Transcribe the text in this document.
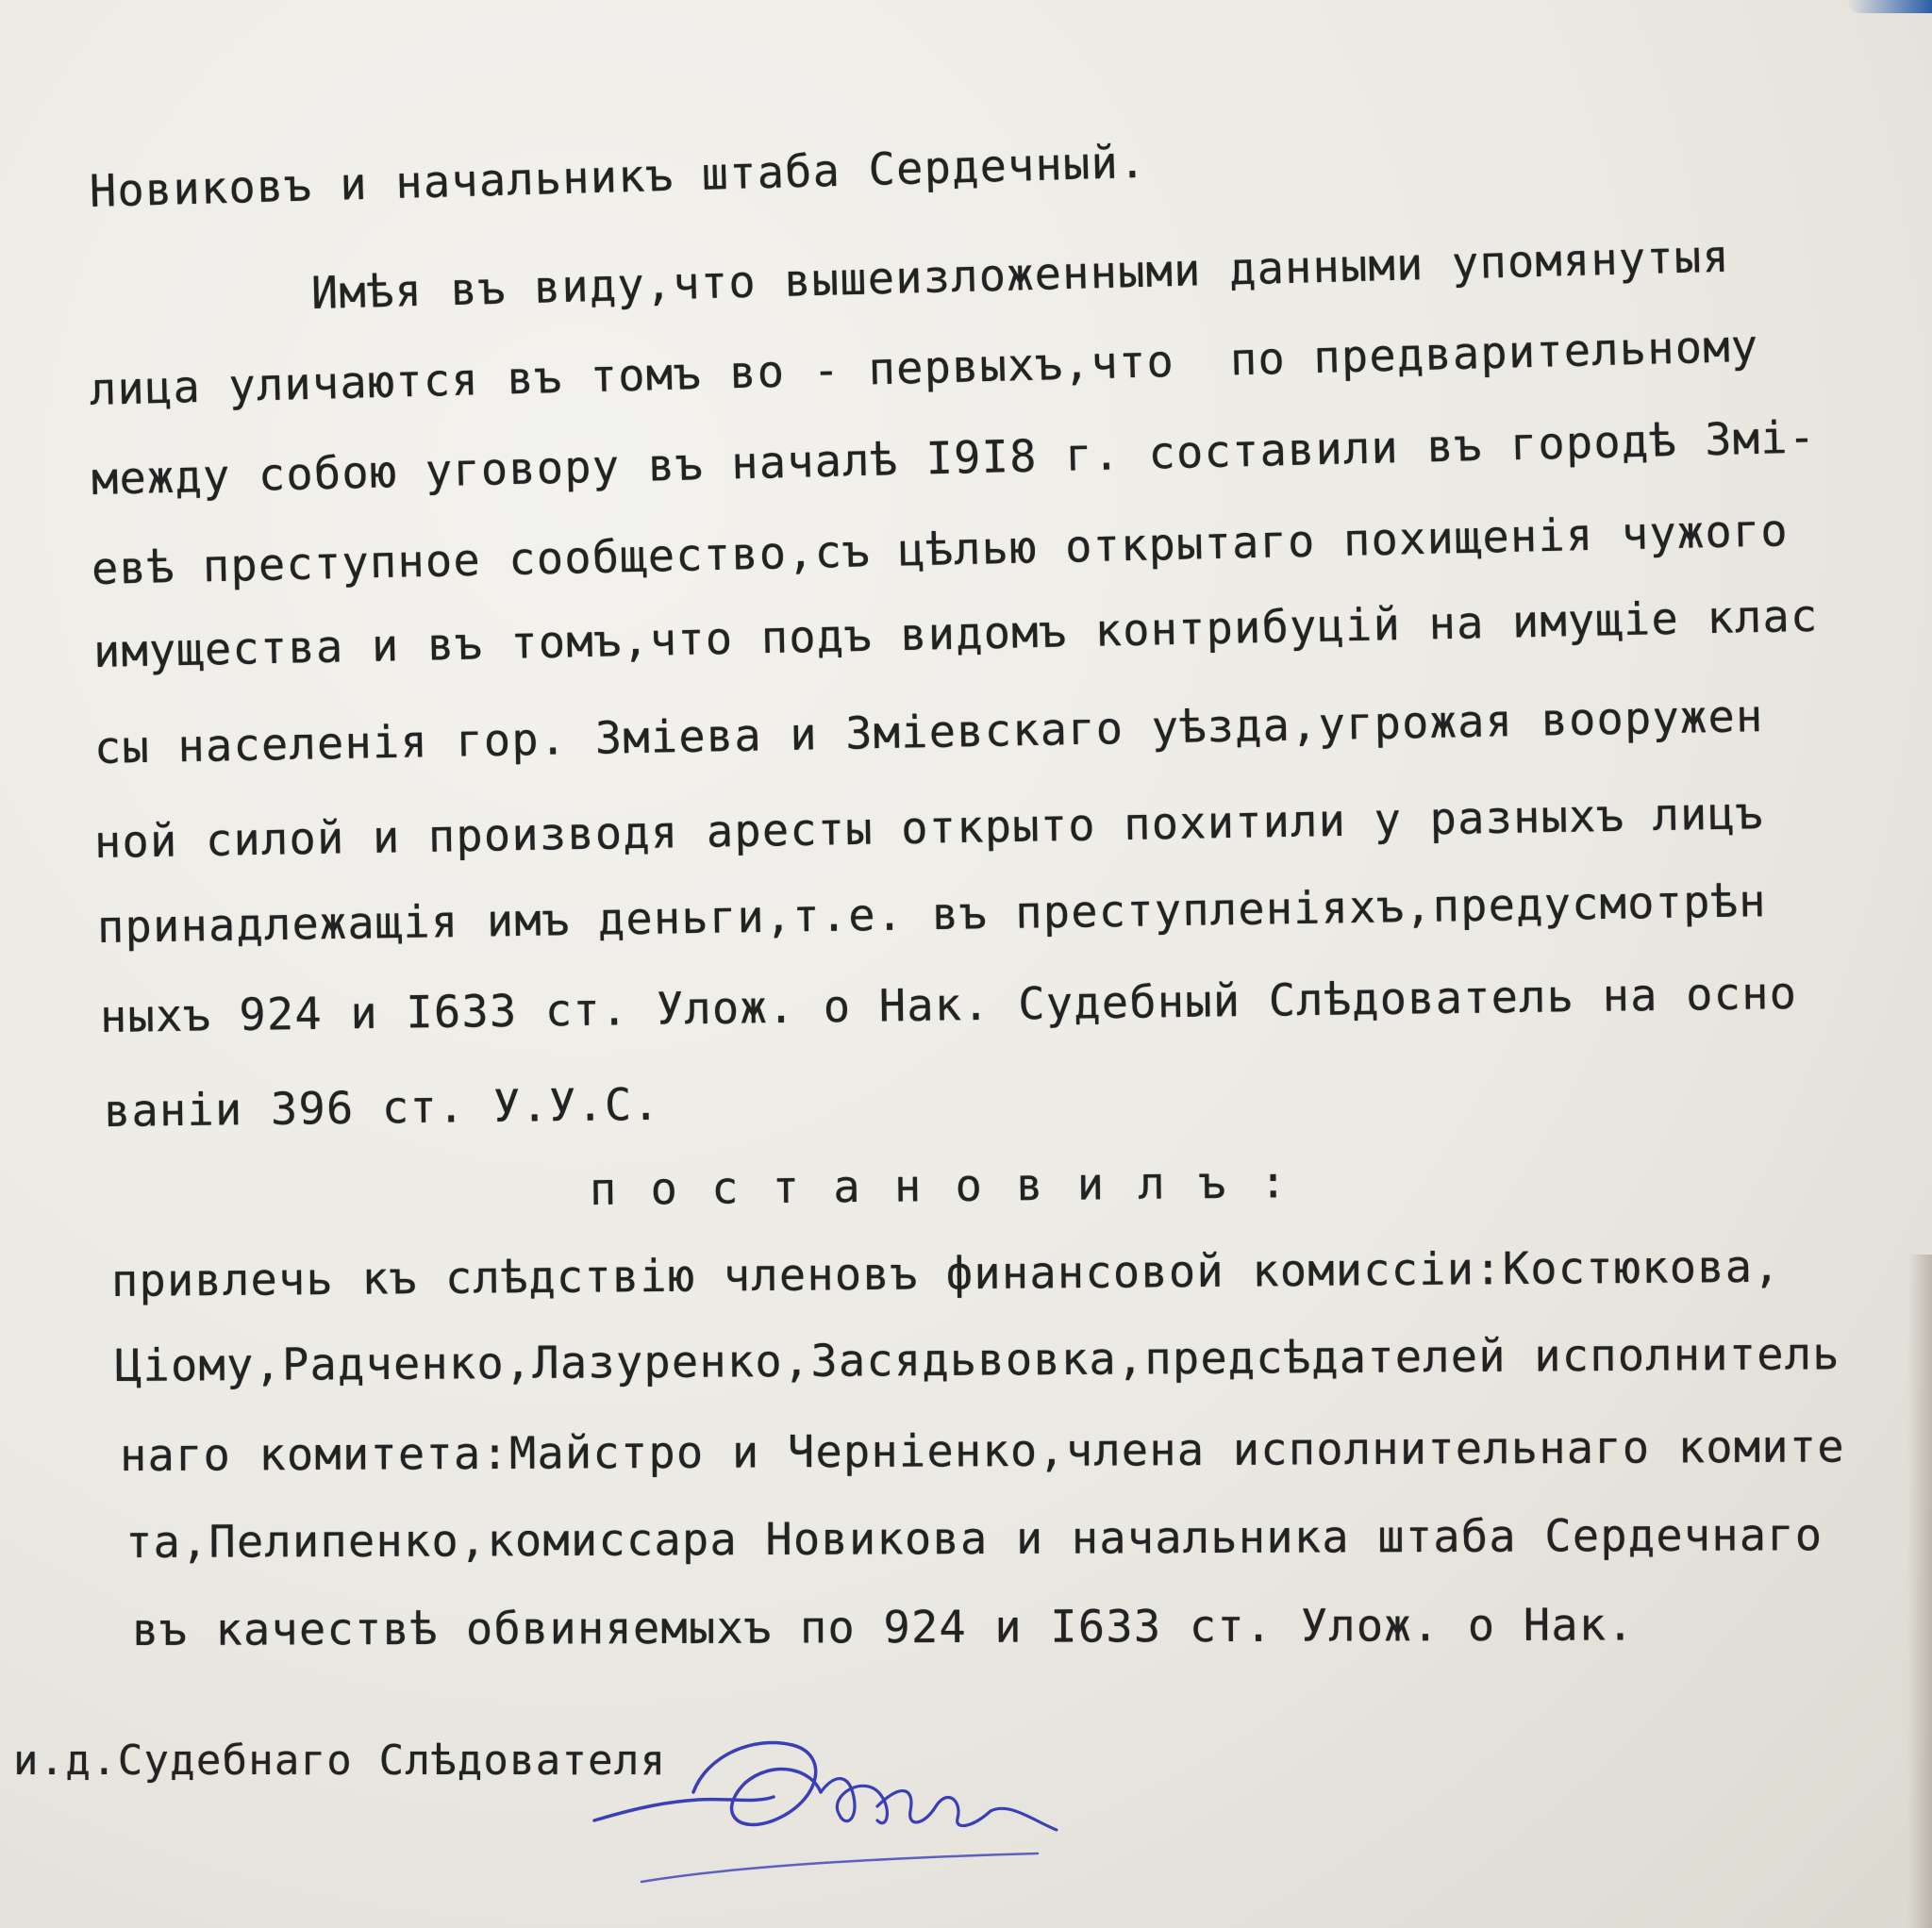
Новиковъ и начальникъ штаба Сердечный.
Имѣя въ виду,что вышеизложенными данными упомянутыя
лица уличаются въ томъ во - первыхъ,что  по предварительному
между собою уговору въ началѣ I9I8 г. составили въ городѣ Змі-
евѣ преступное сообщество,съ цѣлью открытаго похищенія чужого
имущества и въ томъ,что подъ видомъ контрибуцій на имущіе клас
сы населенія гор. Зміева и Зміевскаго уѣзда,угрожая вооружен
ной силой и производя аресты открыто похитили у разныхъ лицъ
принадлежащія имъ деньги,т.е. въ преступленіяхъ,предусмотрѣн
ныхъ 924 и I633 ст. Улож. о Нак. Судебный Слѣдователь на осно
ванiи 396 ст. У.У.С.
п о с т а н о в и л ъ :
привлечь къ слѣдствію членовъ финансовой комиссіи:Костюкова,
Ціому,Радченко,Лазуренко,Засядьвовка,предсѣдателей исполнитель
наго комитета:Майстро и Чернiенко,члена исполнительнаго комите
та,Пелипенко,комиссара Новикова и начальника штаба Сердечнаго
въ качествѣ обвиняемыхъ по 924 и I633 ст. Улож. о Нак.
и.д.Судебнаго Слѣдователя
